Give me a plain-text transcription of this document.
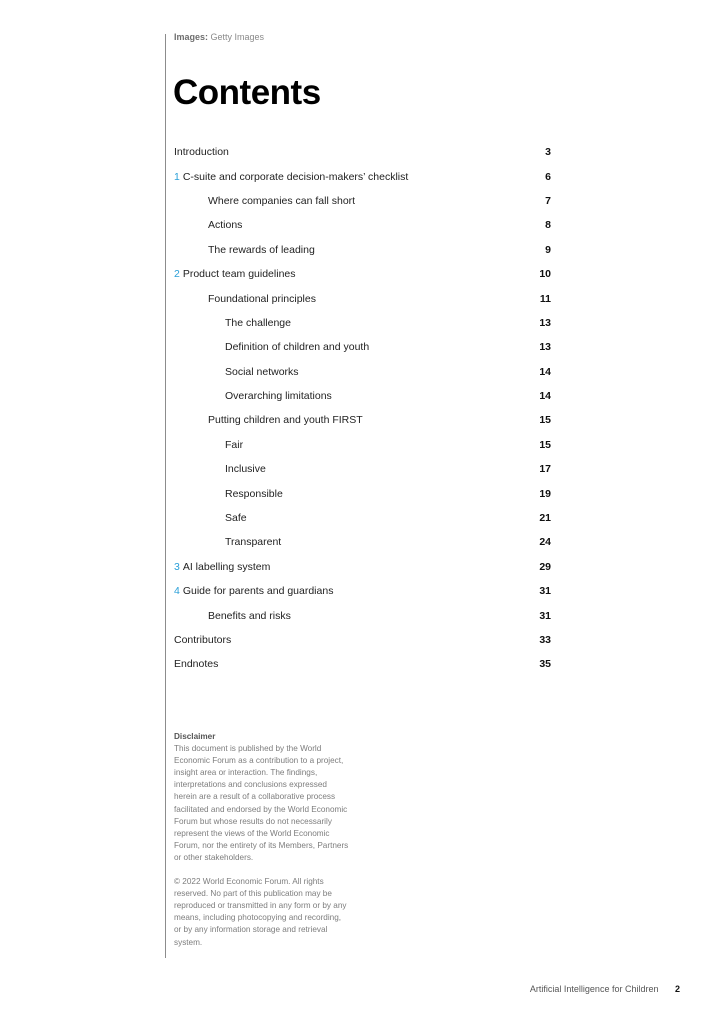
Images: Getty Images
Contents
Introduction	3
1 C-suite and corporate decision-makers’ checklist	6
Where companies can fall short	7
Actions	8
The rewards of leading	9
2 Product team guidelines	10
Foundational principles	11
The challenge	13
Definition of children and youth	13
Social networks	14
Overarching limitations	14
Putting children and youth FIRST	15
Fair	15
Inclusive	17
Responsible	19
Safe	21
Transparent	24
3 AI labelling system	29
4 Guide for parents and guardians	31
Benefits and risks	31
Contributors	33
Endnotes	35
Disclaimer

This document is published by the World Economic Forum as a contribution to a project, insight area or interaction. The findings, interpretations and conclusions expressed herein are a result of a collaborative process facilitated and endorsed by the World Economic Forum but whose results do not necessarily represent the views of the World Economic Forum, nor the entirety of its Members, Partners or other stakeholders.

© 2022 World Economic Forum. All rights reserved. No part of this publication may be reproduced or transmitted in any form or by any means, including photocopying and recording, or by any information storage and retrieval system.

Artificial Intelligence for Children 2
